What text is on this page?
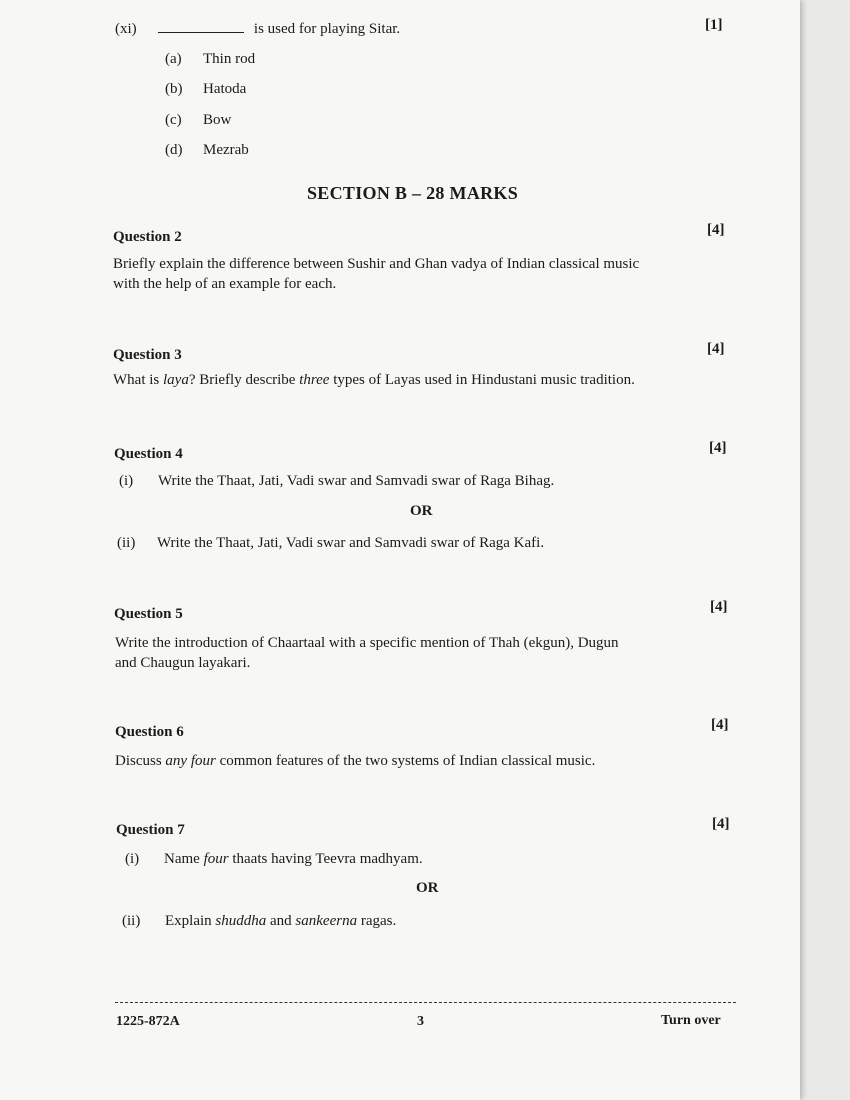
(xi)	is used for playing Sitar.	[1]
(a) Thin rod
(b) Hatoda
(c) Bow
(d) Mezrab
SECTION B – 28 MARKS
Question 2	[4]
Briefly explain the difference between Sushir and Ghan vadya of Indian classical music
with the help of an example for each.
Question 3	[4]
What is laya? Briefly describe three types of Layas used in Hindustani music tradition.
Question 4	[4]
(i) Write the Thaat, Jati, Vadi swar and Samvadi swar of Raga Bihag.
OR
(ii) Write the Thaat, Jati, Vadi swar and Samvadi swar of Raga Kafi.
Question 5	[4]
Write the introduction of Chaartaal with a specific mention of Thah (ekgun), Dugun
and Chaugun layakari.
Question 6	[4]
Discuss any four common features of the two systems of Indian classical music.
Question 7	[4]
(i) Name four thaats having Teevra madhyam.
OR
(ii) Explain shuddha and sankeerna ragas.
1225-872A	3	Turn over
